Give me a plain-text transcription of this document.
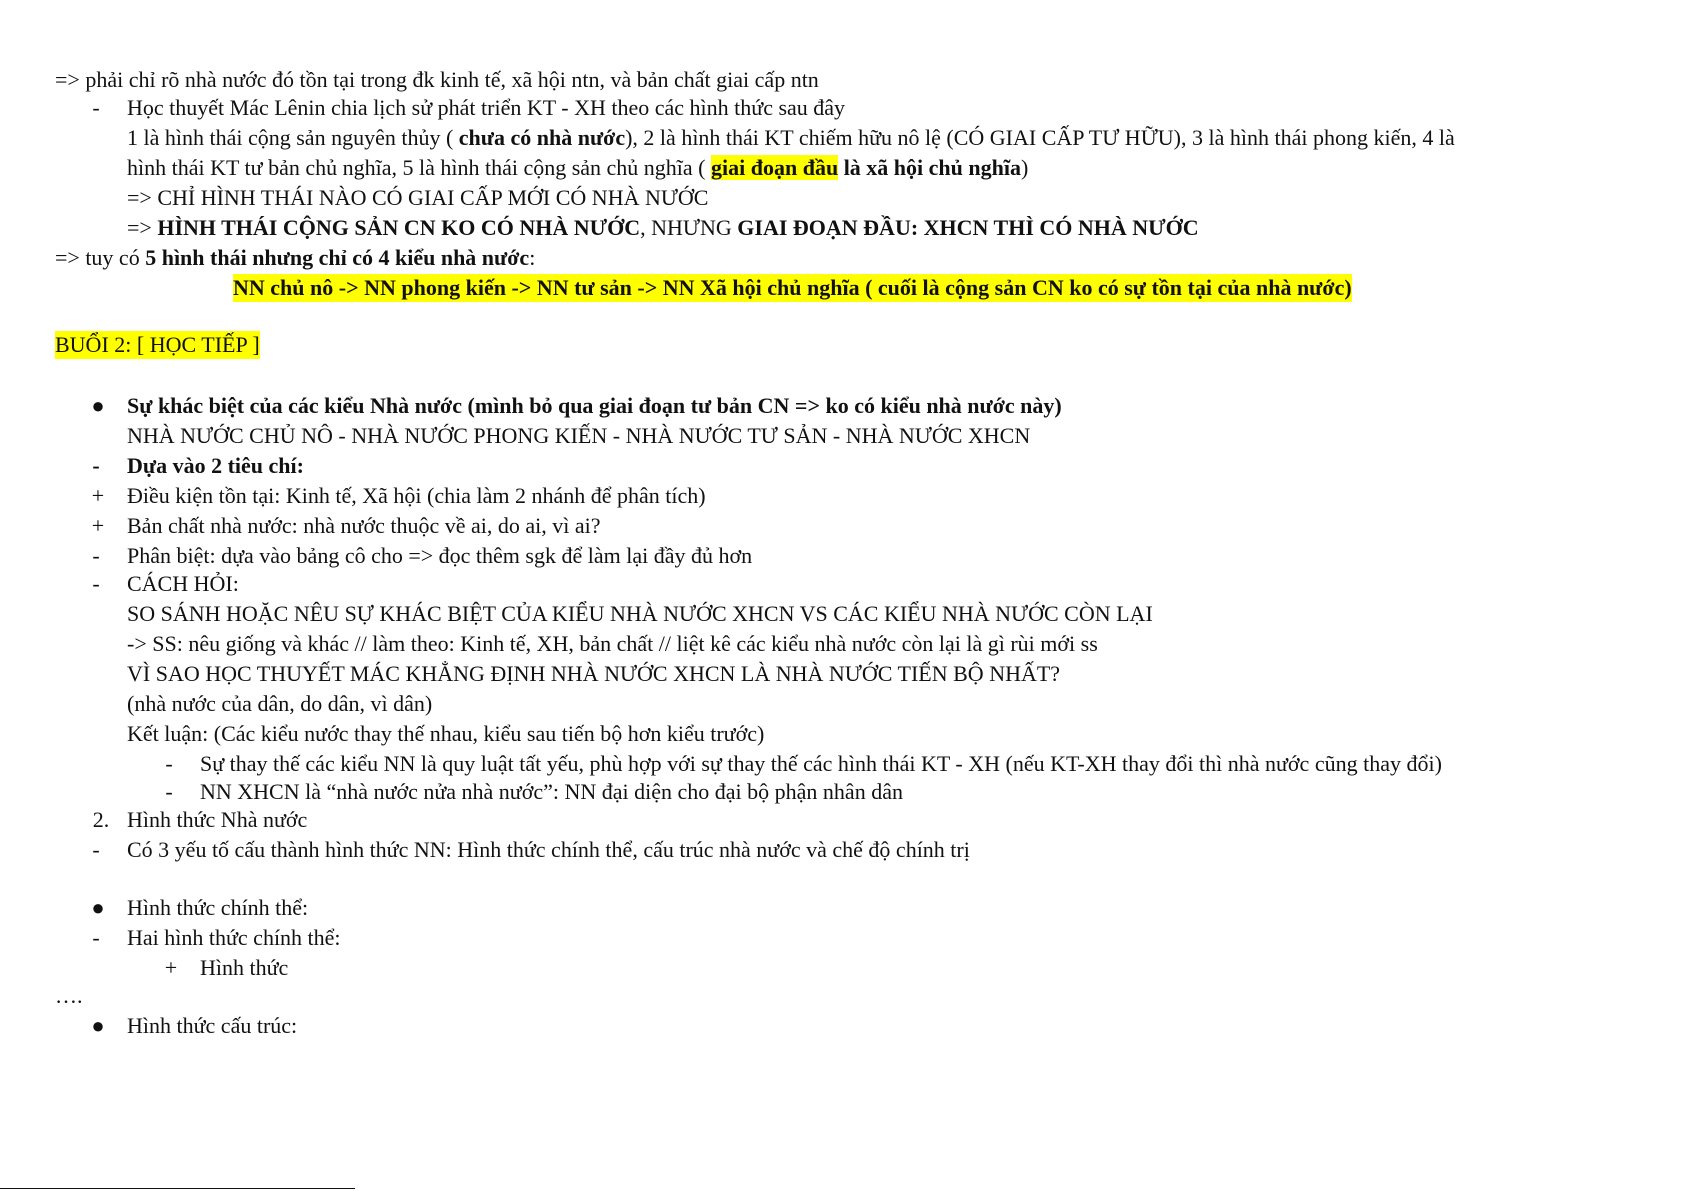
=> phải chỉ rõ nhà nước đó tồn tại trong đk kinh tế, xã hội ntn, và bản chất giai cấp ntn
-	Học thuyết Mác Lênin chia lịch sử phát triển KT - XH theo các hình thức sau đây
1 là hình thái cộng sản nguyên thủy ( chưa có nhà nước), 2 là hình thái KT chiếm hữu nô lệ (CÓ GIAI CẤP TƯ HỮU), 3 là hình thái phong kiến, 4 là
hình thái KT tư bản chủ nghĩa, 5 là hình thái cộng sản chủ nghĩa ( giai đoạn đầu là xã hội chủ nghĩa)
=> CHỈ HÌNH THÁI NÀO CÓ GIAI CẤP MỚI CÓ NHÀ NƯỚC
=> HÌNH THÁI CỘNG SẢN CN KO CÓ NHÀ NƯỚC, NHƯNG GIAI ĐOẠN ĐẦU: XHCN THÌ CÓ NHÀ NƯỚC
=> tuy có 5 hình thái nhưng chỉ có 4 kiểu nhà nước:
NN chủ nô -> NN phong kiến -> NN tư sản -> NN Xã hội chủ nghĩa ( cuối là cộng sản CN ko có sự tồn tại của nhà nước)
BUỔI 2: [ HỌC TIẾP ]
● Sự khác biệt của các kiểu Nhà nước (mình bỏ qua giai đoạn tư bản CN => ko có kiểu nhà nước này)
NHÀ NƯỚC CHỦ NÔ - NHÀ NƯỚC PHONG KIẾN - NHÀ NƯỚC TƯ SẢN - NHÀ NƯỚC XHCN
-	Dựa vào 2 tiêu chí:
+ Điều kiện tồn tại: Kinh tế, Xã hội (chia làm 2 nhánh để phân tích)
+ Bản chất nhà nước: nhà nước thuộc về ai, do ai, vì ai?
-	Phân biệt: dựa vào bảng cô cho => đọc thêm sgk để làm lại đầy đủ hơn
-	CÁCH HỎI:
SO SÁNH HOẶC NÊU SỰ KHÁC BIỆT CỦA KIỂU NHÀ NƯỚC XHCN VS CÁC KIỂU NHÀ NƯỚC CÒN LẠI
-> SS: nêu giống và khác // làm theo: Kinh tế, XH, bản chất // liệt kê các kiểu nhà nước còn lại là gì rùi mới ss
VÌ SAO HỌC THUYẾT MÁC KHẲNG ĐỊNH NHÀ NƯỚC XHCN LÀ NHÀ NƯỚC TIẾN BỘ NHẤT?
(nhà nước của dân, do dân, vì dân)
Kết luận: (Các kiểu nước thay thế nhau, kiểu sau tiến bộ hơn kiểu trước)
-	Sự thay thế các kiểu NN là quy luật tất yếu, phù hợp với sự thay thế các hình thái KT - XH (nếu KT-XH thay đổi thì nhà nước cũng thay đổi)
-	NN XHCN là “nhà nước nửa nhà nước”: NN đại diện cho đại bộ phận nhân dân
2. Hình thức Nhà nước
-	Có 3 yếu tố cấu thành hình thức NN: Hình thức chính thể, cấu trúc nhà nước và chế độ chính trị
● Hình thức chính thể:
-	Hai hình thức chính thể:
+ Hình thức
….
● Hình thức cấu trúc:
